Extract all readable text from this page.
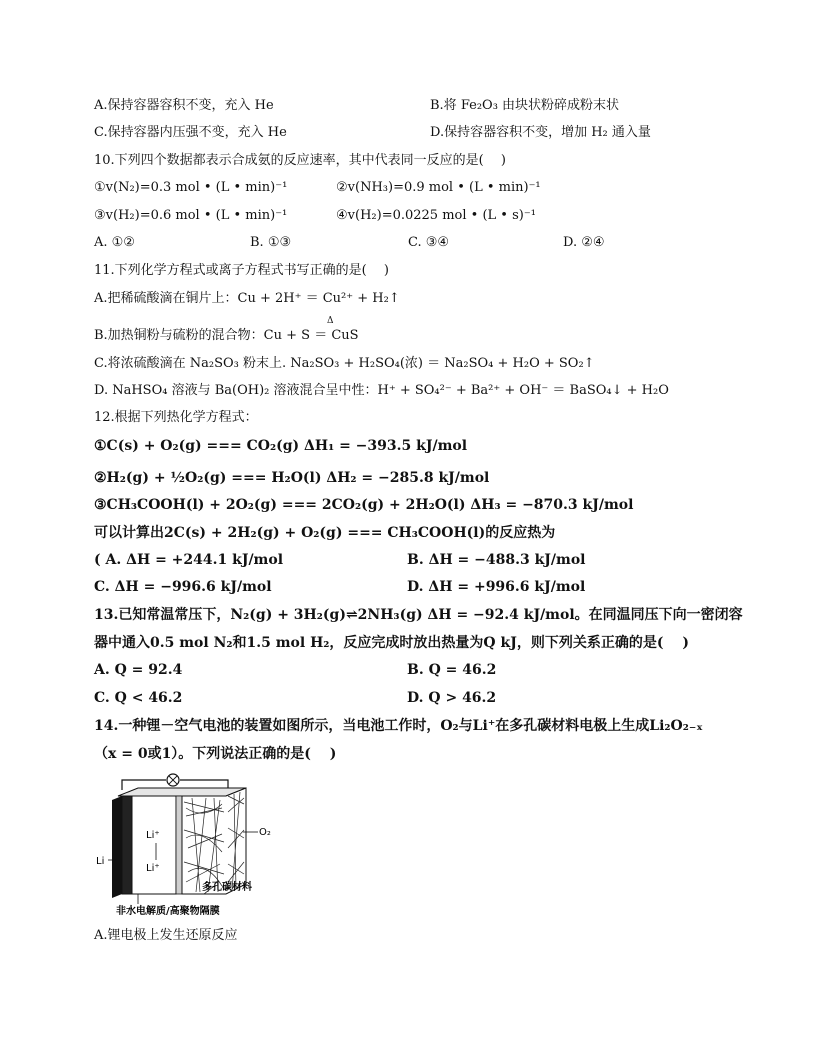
A.保持容器容积不变，充入 He	B.将 Fe₂O₃ 由块状粉碎成粉末状
C.保持容器内压强不变，充入 He	D.保持容器容积不变，增加 H₂ 通入量
10.下列四个数据都表示合成氨的反应速率，其中代表同一反应的是(　 )
①v(N₂)=0.3 mol • (L • min)⁻¹	②v(NH₃)=0.9 mol • (L • min)⁻¹
③v(H₂)=0.6 mol • (L • min)⁻¹	④v(H₂)=0.0225 mol • (L • s)⁻¹
A. ①②	B. ①③	C. ③④	D. ②④
11.下列化学方程式或离子方程式书写正确的是(　 )
A.把稀硫酸滴在铜片上：Cu + 2H⁺ ＝ Cu²⁺ + H₂↑
Δ
B.加热铜粉与硫粉的混合物：Cu + S ＝ CuS
C.将浓硫酸滴在 Na₂SO₃ 粉末上. Na₂SO₃ + H₂SO₄(浓) ＝ Na₂SO₄ + H₂O + SO₂↑
D. NaHSO₄ 溶液与 Ba(OH)₂ 溶液混合呈中性：H⁺ + SO₄²⁻ + Ba²⁺ + OH⁻ ＝ BaSO₄↓ + H₂O
12.根据下列热化学方程式：
①C(s) + O₂(g) === CO₂(g) ΔH₁ = −393.5 kJ/mol
②H₂(g) + ½O₂(g) === H₂O(l) ΔH₂ = −285.8 kJ/mol
③CH₃COOH(l) + 2O₂(g) === 2CO₂(g) + 2H₂O(l) ΔH₃ = −870.3 kJ/mol
可以计算出2C(s) + 2H₂(g) + O₂(g) === CH₃COOH(l)的反应热为
( A. ΔH = +244.1 kJ/mol	B. ΔH = −488.3 kJ/mol
C. ΔH = −996.6 kJ/mol	D. ΔH = +996.6 kJ/mol
13.已知常温常压下，N₂(g) + 3H₂(g)⇌2NH₃(g) ΔH = −92.4 kJ/mol。在同温同压下向一密闭容
器中通入0.5 mol N₂和1.5 mol H₂，反应完成时放出热量为Q kJ，则下列关系正确的是(　 )
A. Q = 92.4	B. Q = 46.2
C. Q < 46.2	D. Q > 46.2
14.一种锂－空气电池的装置如图所示，当电池工作时，O₂与Li⁺在多孔碳材料电极上生成Li₂O₂₋ₓ
（x = 0或1）。下列说法正确的是(　 )
Li⁺
Li⁺
O₂
Li
多孔碳材料
非水电解质/高聚物隔膜
A.锂电极上发生还原反应
